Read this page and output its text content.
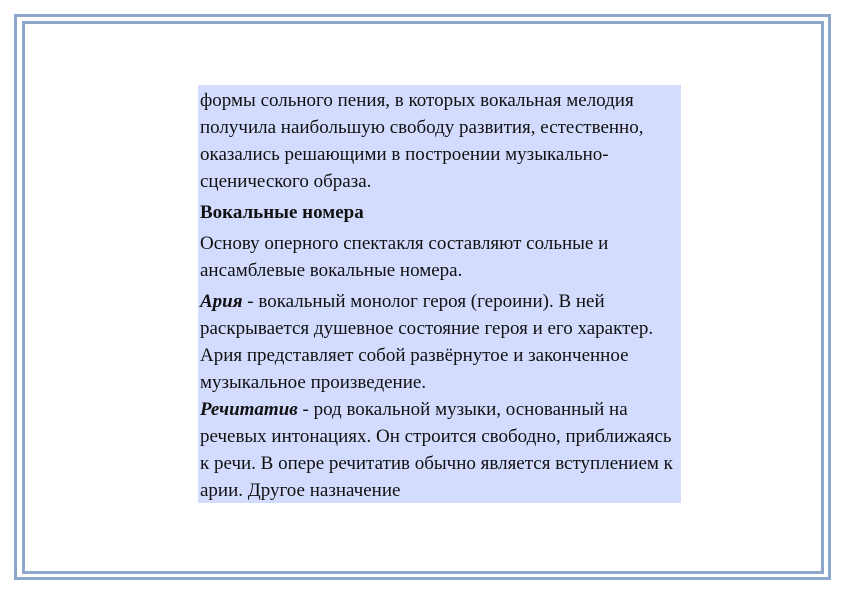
формы сольного пения, в которых вокальная мелодия получила наибольшую свободу развития, естественно, оказались решающими в построении музыкально-сценического образа.

Вокальные номера

Основу оперного спектакля составляют сольные и ансамблевые вокальные номера.

Ария - вокальный монолог героя (героини). В ней раскрывается душевное состояние героя и его характер. Ария представляет собой развёрнутое и законченное музыкальное произведение.

Речитатив - род вокальной музыки, основанный на речевых интонациях. Он строится свободно, приближаясь к речи. В опере речитатив обычно является вступлением к арии. Другое назначение
